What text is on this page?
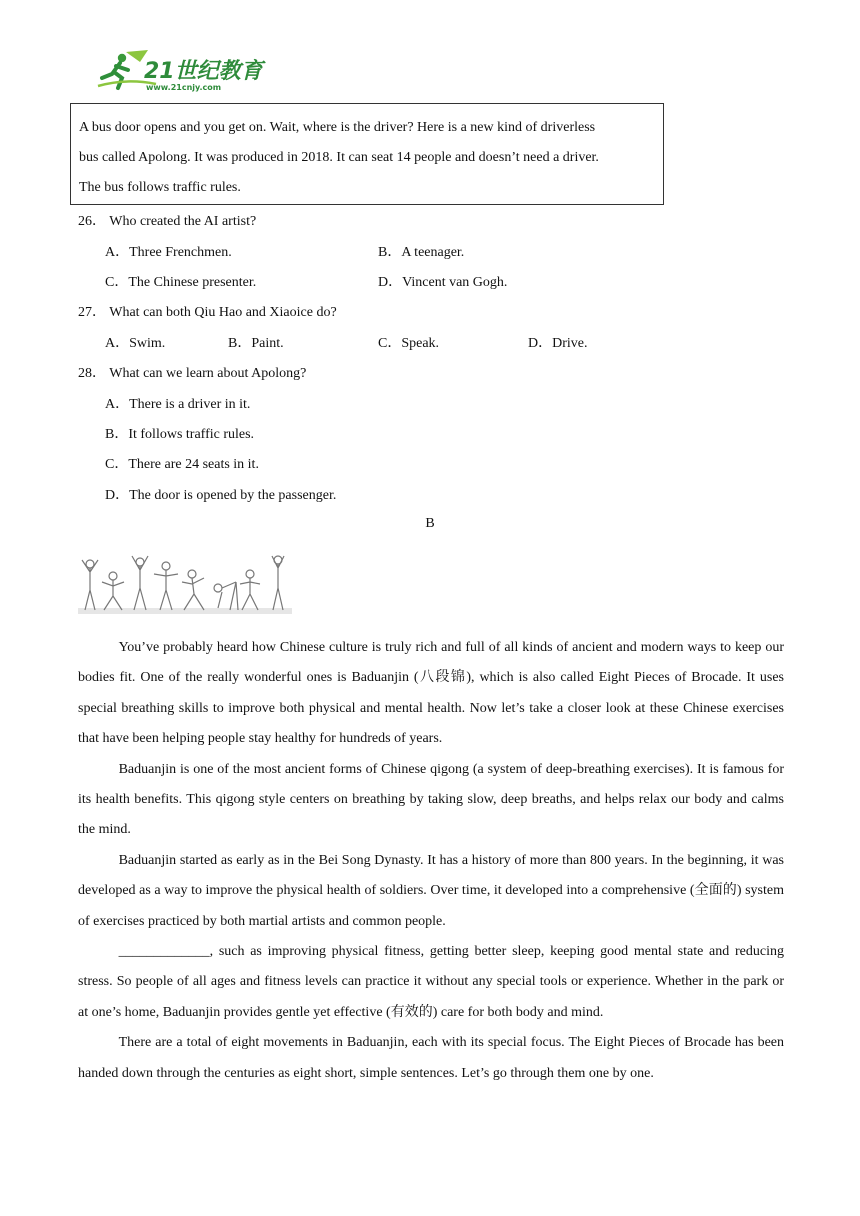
21世纪教育
www.21cnjy.com

A bus door opens and you get on. Wait, where is the driver? Here is a new kind of driverless

bus called Apolong. It was produced in 2018. It can seat 14 people and doesn’t need a driver.

The bus follows traffic rules.

26． Who created the AI artist?
A．Three Frenchmen.	B．A teenager.
C．The Chinese presenter.	D．Vincent van Gogh.
27． What can both Qiu Hao and Xiaoice do?
A．Swim.	B．Paint.	C．Speak.	D．Drive.
28． What can we learn about Apolong?
A．There is a driver in it.
B．It follows traffic rules.
C．There are 24 seats in it.
D．The door is opened by the passenger.
B

You’ve probably heard how Chinese culture is truly rich and full of all kinds of ancient and modern ways to keep our bodies fit. One of the really wonderful ones is Baduanjin (八段锦), which is also called Eight Pieces of Brocade. It uses special breathing skills to improve both physical and mental health. Now let’s take a closer look at these Chinese exercises that have been helping people stay healthy for hundreds of years.

Baduanjin is one of the most ancient forms of Chinese qigong (a system of deep-breathing exercises). It is famous for its health benefits. This qigong style centers on breathing by taking slow, deep breaths, and helps relax our body and calms the mind.

Baduanjin started as early as in the Bei Song Dynasty. It has a history of more than 800 years. In the beginning, it was developed as a way to improve the physical health of soldiers. Over time, it developed into a comprehensive (全面的) system of exercises practiced by both martial artists and common people.

_____________, such as improving physical fitness, getting better sleep, keeping good mental state and reducing stress. So people of all ages and fitness levels can practice it without any special tools or experience. Whether in the park or at one’s home, Baduanjin provides gentle yet effective (有效的) care for both body and mind.

There are a total of eight movements in Baduanjin, each with its special focus. The Eight Pieces of Brocade has been handed down through the centuries as eight short, simple sentences. Let’s go through them one by one.
